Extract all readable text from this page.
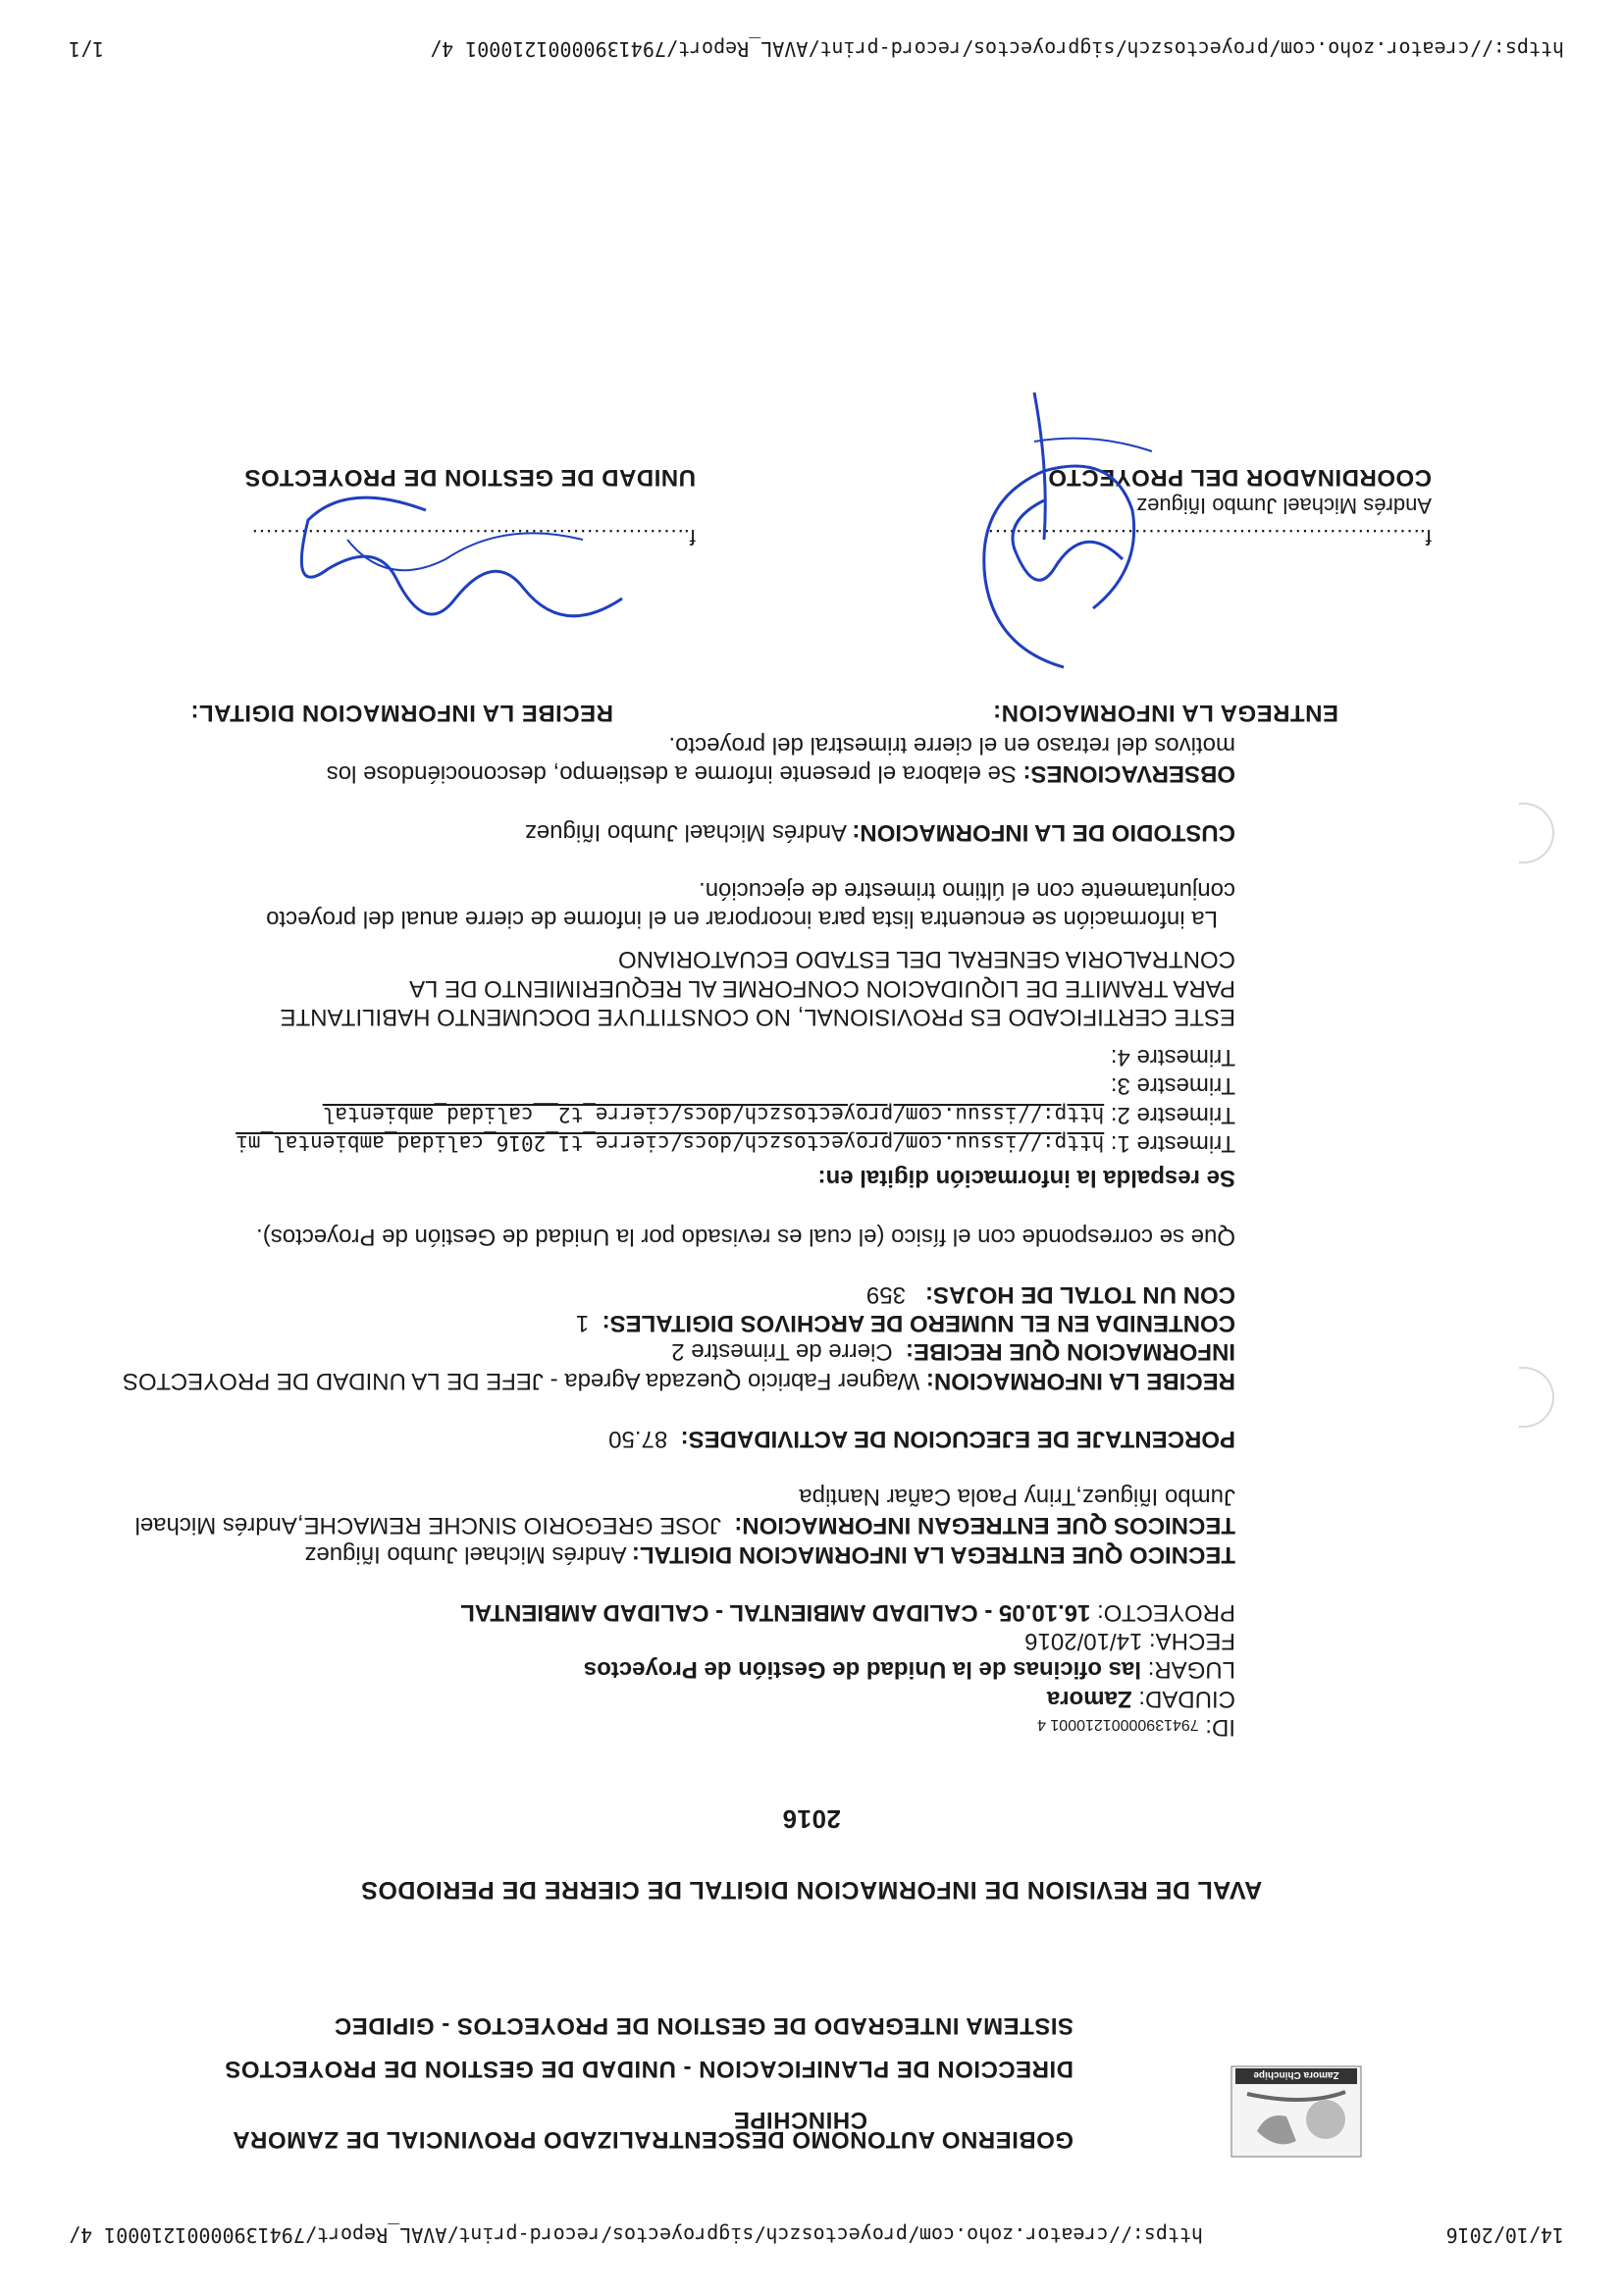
14/10/2016
https://creator.zoho.com/proyectoszch/sigproyectos/record-print/AVAL_Report/79413900001210001 4/
Zamora Chinchipe
GOBIERNO AUTONOMO DESCENTRALIZADO PROVINCIAL DE ZAMORA
CHINCHIPE
DIRECCION DE PLANIFICACION - UNIDAD DE GESTION DE PROYECTOS
SISTEMA INTEGRADO DE GESTION DE PROYECTOS - GIPIDEC
AVAL DE REVISION DE INFORMACION DIGITAL DE CIERRE DE PERIODOS
2016
ID: 79413900001210001 4
CIUDAD: Zamora
LUGAR: las oficinas de la Unidad de Gestión de Proyectos
FECHA: 14/10/2016
PROYECTO: 16.10.05 - CALIDAD AMBIENTAL - CALIDAD AMBIENTAL
TECNICO QUE ENTREGA LA INFORMACION DIGITAL: Andrés Michael Jumbo Iñiguez
TECNICOS QUE ENTREGAN INFORMACION:  JOSE GREGORIO SINCHE REMACHE,Andrés Michael
Jumbo Iñiguez,Triny Paola Cañar Nantipa
PORCENTAJE DE EJECUCION DE ACTIVIDADES:  87.50
RECIBE LA INFORMACION: Wagner Fabricio Quezada Agreda - JEFE DE LA UNIDAD DE PROYECTOS
INFORMACION QUE RECIBE:  Cierre de Trimestre 2
CONTENIDA EN EL NUMERO DE ARCHIVOS DIGITALES:  1
CON UN TOTAL DE HOJAS:   359
Que se corresponde con el físico (el cual es revisado por la Unidad de Gestión de Proyectos).
Se respalda la información digital en:
Trimestre 1: http://issuu.com/proyectoszch/docs/cierre_t1_2016_calidad_ambiental_mi
Trimestre 2: http://issuu.com/proyectoszch/docs/cierre_t2__calidad_ambiental
Trimestre 3:
Trimestre 4:
ESTE CERTIFICADO ES PROVISIONAL, NO CONSTITUYE DOCUMENTO HABILITANTE PARA TRAMITE DE LIQUIDACION CONFORME AL REQUERIMIENTO DE LA CONTRALORIA GENERAL DEL ESTADO ECUATORIANO
La información se encuentra lista para incorporar en el informe de cierre anual del proyecto conjuntamente con el último trimestre de ejecución.
CUSTODIO DE LA INFORMACION: Andrés Michael Jumbo Iñiguez
OBSERVACIONES: Se elabora el presente informe a destiempo, desconociéndose los motivos del retraso en el cierre trimestral del proyecto.
ENTREGA LA INFORMACION:
RECIBE LA INFORMACION DIGITAL:
f...............................................................
Andrés Michael Jumbo Iñiguez
COORDINADOR DEL PROYECTO
f...............................................................
UNIDAD DE GESTION DE PROYECTOS
https://creator.zoho.com/proyectoszch/sigproyectos/record-print/AVAL_Report/79413900001210001 4/
1/1
